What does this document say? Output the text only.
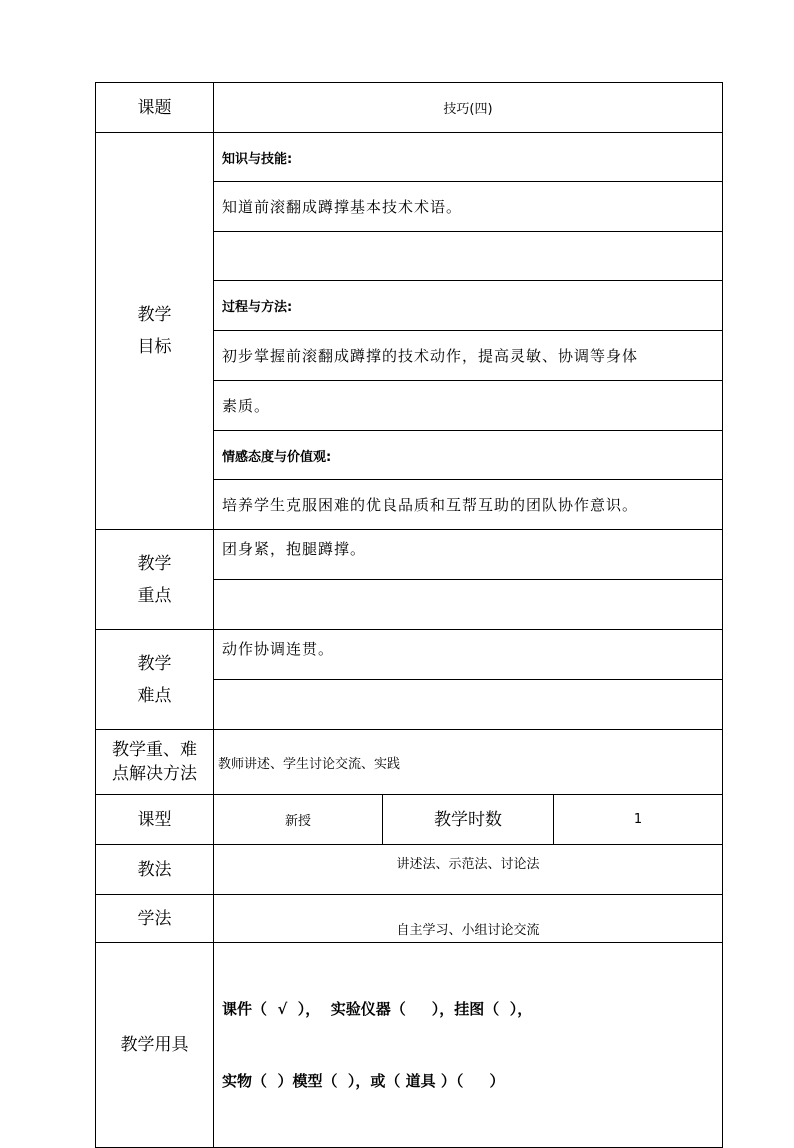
课题	技巧(四)		

教学
目标	知识与技能:		
	知道前滚翻成蹲撑基本技术术语。		

	过程与方法:		
	初步掌握前滚翻成蹲撑的技术动作，提高灵敏、协调等身体		
	素质。		
	情感态度与价值观:		
	培养学生克服困难的优良品质和互帮互助的团队协作意识。		

教学
重点	团身紧，抱腿蹲撑。		

教学
难点	动作协调连贯。		

教学重、难
点解决方法	教师讲述、学生讨论交流、实践		
课型	新授	教学时数	1
教法	讲述法、示范法、讨论法		
学法	自主学习、小组讨论交流		
教学用具	课件（  √  ），  实验仪器（     ），挂图（  ），

实物（  ）模型（  ），或（ 道具 ）（     ）		
